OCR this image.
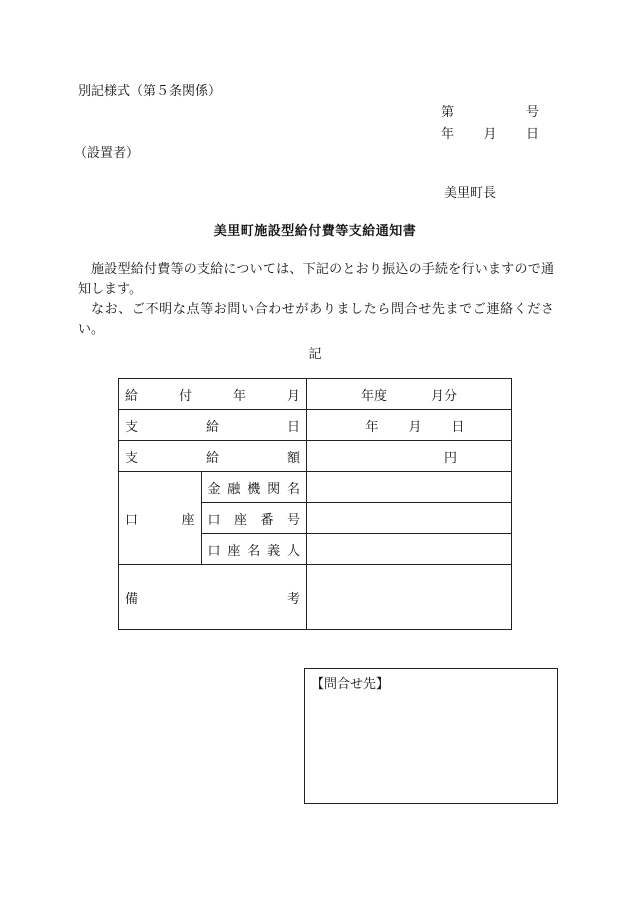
別記様式（第５条関係）
第	号
年 月 日
（設置者）
美里町長
美里町施設型給付費等支給通知書

施設型給付費等の支給については、下記のとおり振込の手続を行いますので通知します。

なお、ご不明な点等お問い合わせがありましたら問合せ先までご連絡ください。

記
給 付 年 月		年度 月分

支 給 日		年 月 日

支 給 額		円

口 座	金 融 機 関 名	

	口 座 番 号	

	口 座 名 義 人	

備 考		

【問合せ先】
